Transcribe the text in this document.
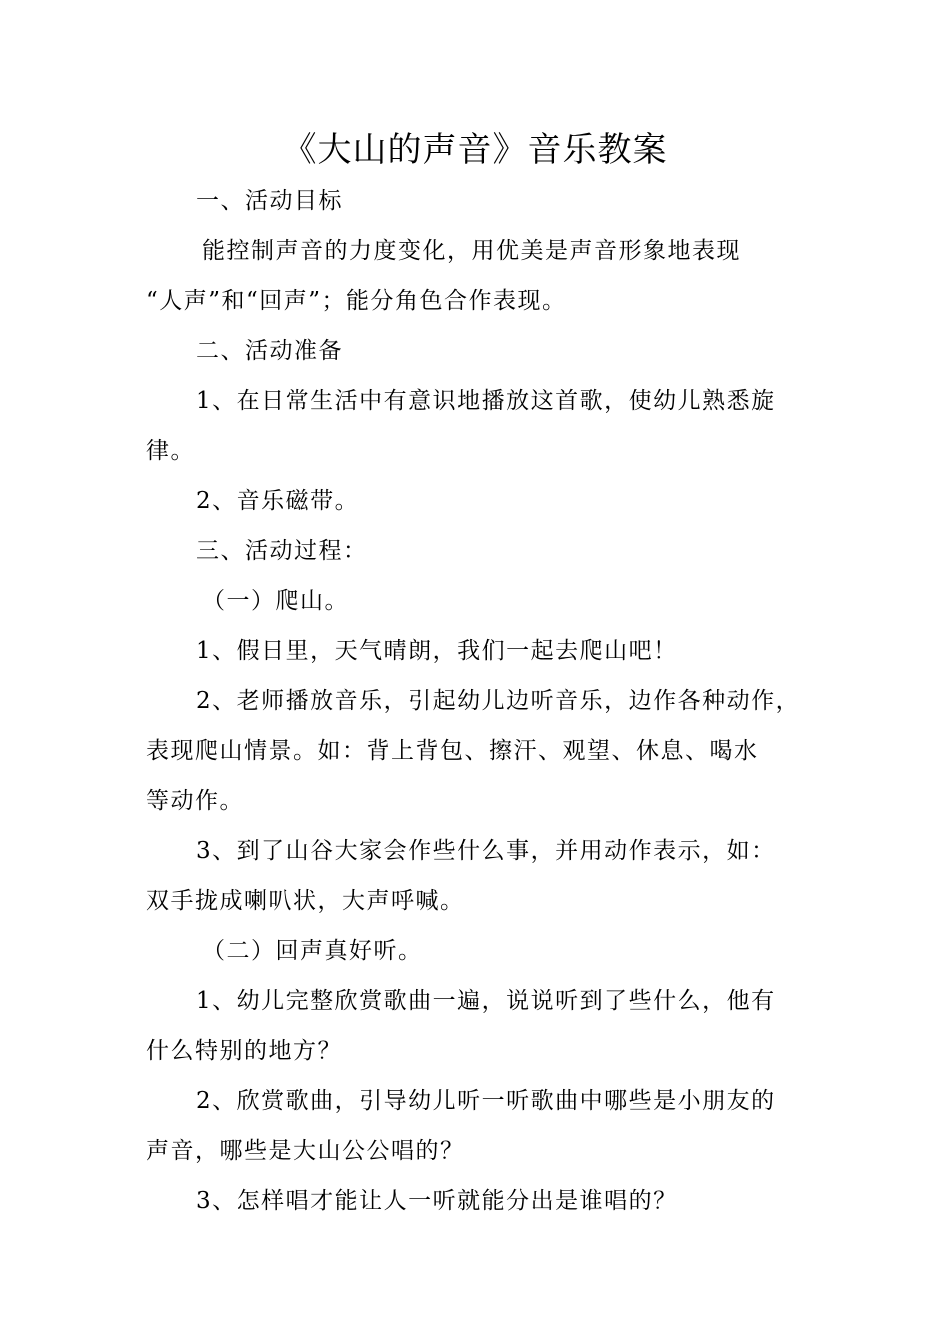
《大山的声音》音乐教案

一、活动目标

能控制声音的力度变化，用优美是声音形象地表现

“人声”和“回声”；能分角色合作表现。

二、活动准备

1、在日常生活中有意识地播放这首歌，使幼儿熟悉旋

律。

2、音乐磁带。

三、活动过程：

（一）爬山。

1、假日里，天气晴朗，我们一起去爬山吧！

2、老师播放音乐，引起幼儿边听音乐，边作各种动作，

表现爬山情景。如：背上背包、擦汗、观望、休息、喝水

等动作。

3、到了山谷大家会作些什么事，并用动作表示，如：

双手拢成喇叭状，大声呼喊。

（二）回声真好听。

1、幼儿完整欣赏歌曲一遍，说说听到了些什么，他有

什么特别的地方？

2、欣赏歌曲，引导幼儿听一听歌曲中哪些是小朋友的

声音，哪些是大山公公唱的？

3、怎样唱才能让人一听就能分出是谁唱的？
